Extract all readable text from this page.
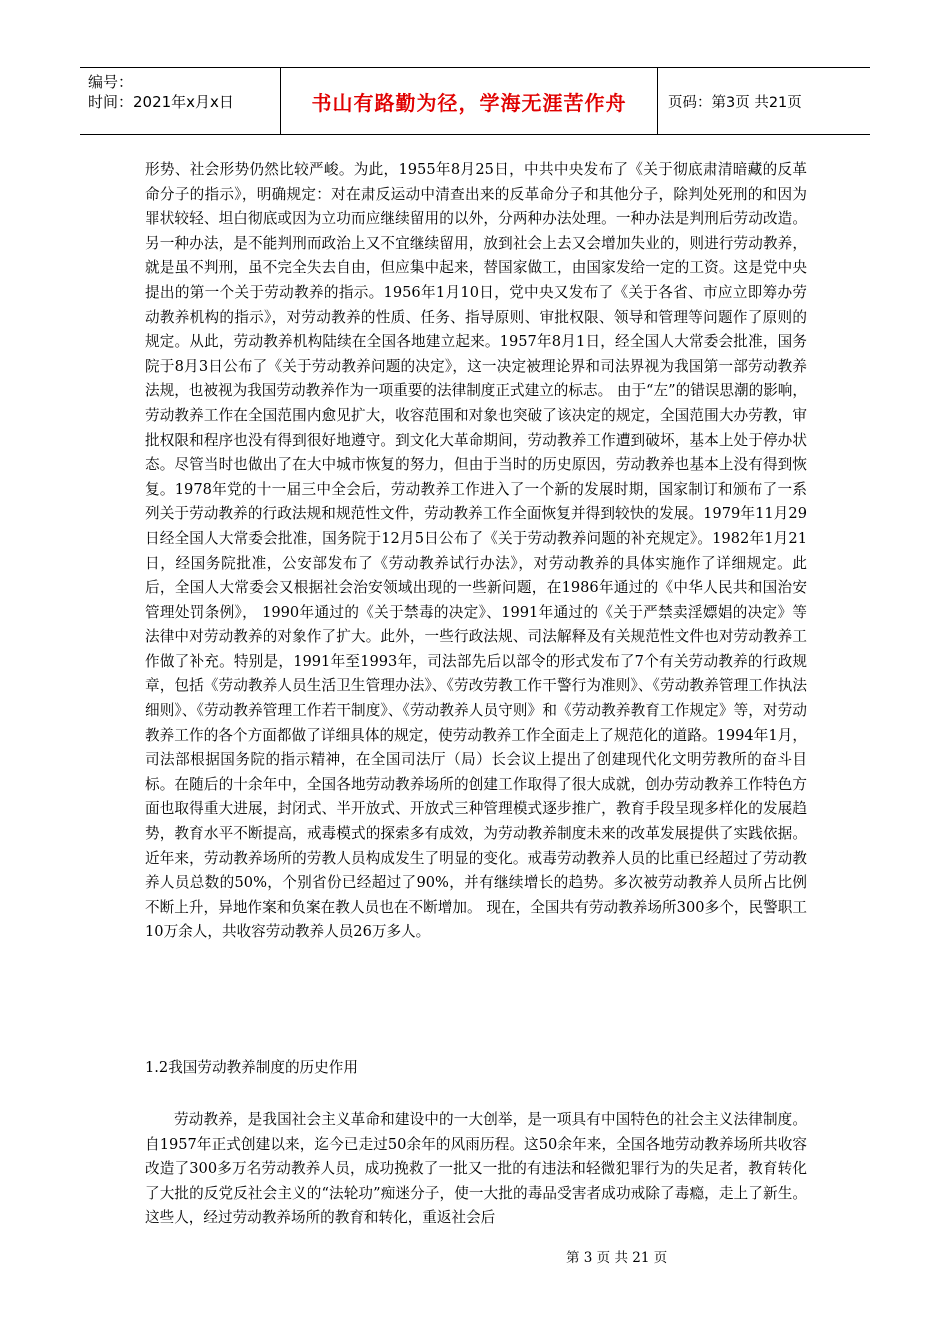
编号：
时间：2021年x月x日	书山有路勤为径，学海无涯苦作舟	页码：第3页 共21页
形势、社会形势仍然比较严峻。为此，1955年8月25日，中共中央发布了《关于彻底肃清暗藏的反革命分子的指示》，明确规定：对在肃反运动中清查出来的反革命分子和其他分子，除判处死刑的和因为罪状较轻、坦白彻底或因为立功而应继续留用的以外，分两种办法处理。一种办法是判刑后劳动改造。另一种办法，是不能判刑而政治上又不宜继续留用，放到社会上去又会增加失业的，则进行劳动教养，就是虽不判刑，虽不完全失去自由，但应集中起来，替国家做工，由国家发给一定的工资。这是党中央提出的第一个关于劳动教养的指示。1956年1月10日，党中央又发布了《关于各省、市应立即筹办劳动教养机构的指示》，对劳动教养的性质、任务、指导原则、审批权限、领导和管理等问题作了原则的规定。从此，劳动教养机构陆续在全国各地建立起来。1957年8月1日，经全国人大常委会批准，国务院于8月3日公布了《关于劳动教养问题的决定》，这一决定被理论界和司法界视为我国第一部劳动教养法规，也被视为我国劳动教养作为一项重要的法律制度正式建立的标志。 由于“左”的错误思潮的影响，劳动教养工作在全国范围内愈见扩大，收容范围和对象也突破了该决定的规定，全国范围大办劳教，审批权限和程序也没有得到很好地遵守。到文化大革命期间，劳动教养工作遭到破坏，基本上处于停办状态。尽管当时也做出了在大中城市恢复的努力，但由于当时的历史原因，劳动教养也基本上没有得到恢复。1978年党的十一届三中全会后，劳动教养工作进入了一个新的发展时期，国家制订和颁布了一系列关于劳动教养的行政法规和规范性文件，劳动教养工作全面恢复并得到较快的发展。1979年11月29日经全国人大常委会批准，国务院于12月5日公布了《关于劳动教养问题的补充规定》。1982年1月21日，经国务院批准，公安部发布了《劳动教养试行办法》，对劳动教养的具体实施作了详细规定。此后，全国人大常委会又根据社会治安领域出现的一些新问题，在1986年通过的《中华人民共和国治安管理处罚条例》， 1990年通过的《关于禁毒的决定》、1991年通过的《关于严禁卖淫嫖娼的决定》等法律中对劳动教养的对象作了扩大。此外，一些行政法规、司法解释及有关规范性文件也对劳动教养工作做了补充。特别是，1991年至1993年，司法部先后以部令的形式发布了7个有关劳动教养的行政规章，包括《劳动教养人员生活卫生管理办法》、《劳改劳教工作干警行为准则》、《劳动教养管理工作执法细则》、《劳动教养管理工作若干制度》、《劳动教养人员守则》和《劳动教养教育工作规定》等，对劳动教养工作的各个方面都做了详细具体的规定，使劳动教养工作全面走上了规范化的道路。1994年1月，司法部根据国务院的指示精神，在全国司法厅（局）长会议上提出了创建现代化文明劳教所的奋斗目标。在随后的十余年中，全国各地劳动教养场所的创建工作取得了很大成就，创办劳动教养工作特色方面也取得重大进展，封闭式、半开放式、开放式三种管理模式逐步推广，教育手段呈现多样化的发展趋势，教育水平不断提高，戒毒模式的探索多有成效，为劳动教养制度未来的改革发展提供了实践依据。近年来，劳动教养场所的劳教人员构成发生了明显的变化。戒毒劳动教养人员的比重已经超过了劳动教养人员总数的50%，个别省份已经超过了90%，并有继续增长的趋势。多次被劳动教养人员所占比例不断上升，异地作案和负案在教人员也在不断增加。 现在，全国共有劳动教养场所300多个，民警职工10万余人，共收容劳动教养人员26万多人。
1.2我国劳动教养制度的历史作用
劳动教养，是我国社会主义革命和建设中的一大创举，是一项具有中国特色的社会主义法律制度。自1957年正式创建以来，迄今已走过50余年的风雨历程。这50余年来，全国各地劳动教养场所共收容改造了300多万名劳动教养人员，成功挽救了一批又一批的有违法和轻微犯罪行为的失足者，教育转化了大批的反党反社会主义的“法轮功”痴迷分子，使一大批的毒品受害者成功戒除了毒瘾，走上了新生。这些人，经过劳动教养场所的教育和转化，重返社会后
第 3 页 共 21 页
